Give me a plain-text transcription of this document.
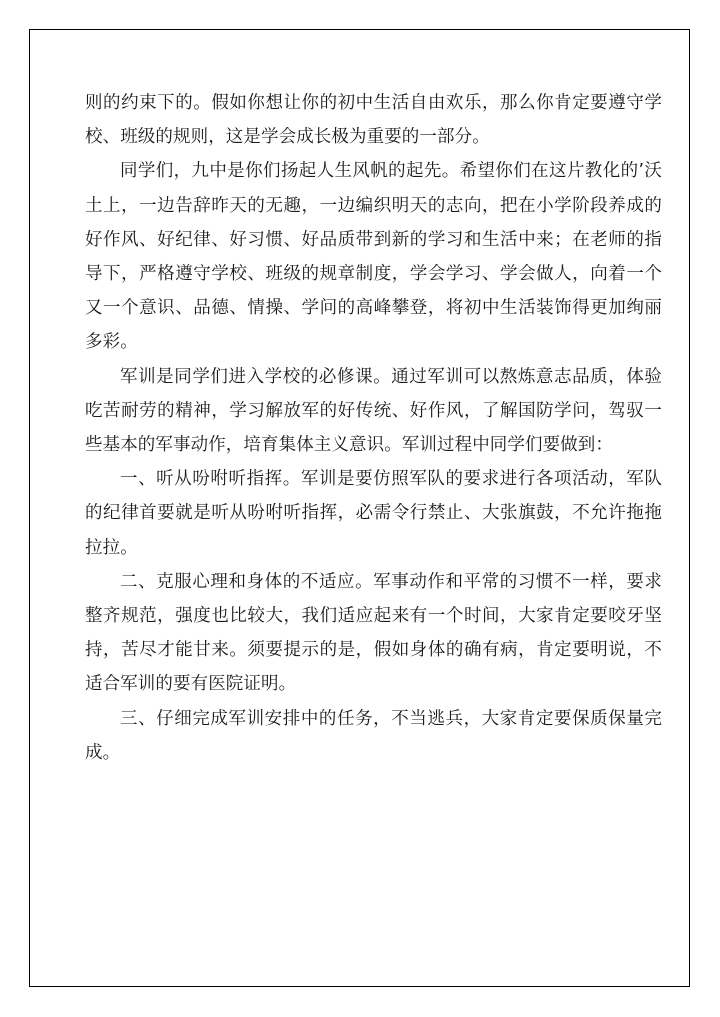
则的约束下的。假如你想让你的初中生活自由欢乐，那么你肯定要遵守学校、班级的规则，这是学会成长极为重要的一部分。

同学们，九中是你们扬起人生风帆的起先。希望你们在这片教化的’沃土上，一边告辞昨天的无趣，一边编织明天的志向，把在小学阶段养成的好作风、好纪律、好习惯、好品质带到新的学习和生活中来；在老师的指导下，严格遵守学校、班级的规章制度，学会学习、学会做人，向着一个又一个意识、品德、情操、学问的高峰攀登，将初中生活装饰得更加绚丽多彩。

军训是同学们进入学校的必修课。通过军训可以熬炼意志品质，体验吃苦耐劳的精神，学习解放军的好传统、好作风，了解国防学问，驾驭一些基本的军事动作，培育集体主义意识。军训过程中同学们要做到：

一、听从吩咐听指挥。军训是要仿照军队的要求进行各项活动，军队的纪律首要就是听从吩咐听指挥，必需令行禁止、大张旗鼓，不允许拖拖拉拉。

二、克服心理和身体的不适应。军事动作和平常的习惯不一样，要求整齐规范，强度也比较大，我们适应起来有一个时间，大家肯定要咬牙坚持，苦尽才能甘来。须要提示的是，假如身体的确有病，肯定要明说，不适合军训的要有医院证明。

三、仔细完成军训安排中的任务，不当逃兵，大家肯定要保质保量完成。
